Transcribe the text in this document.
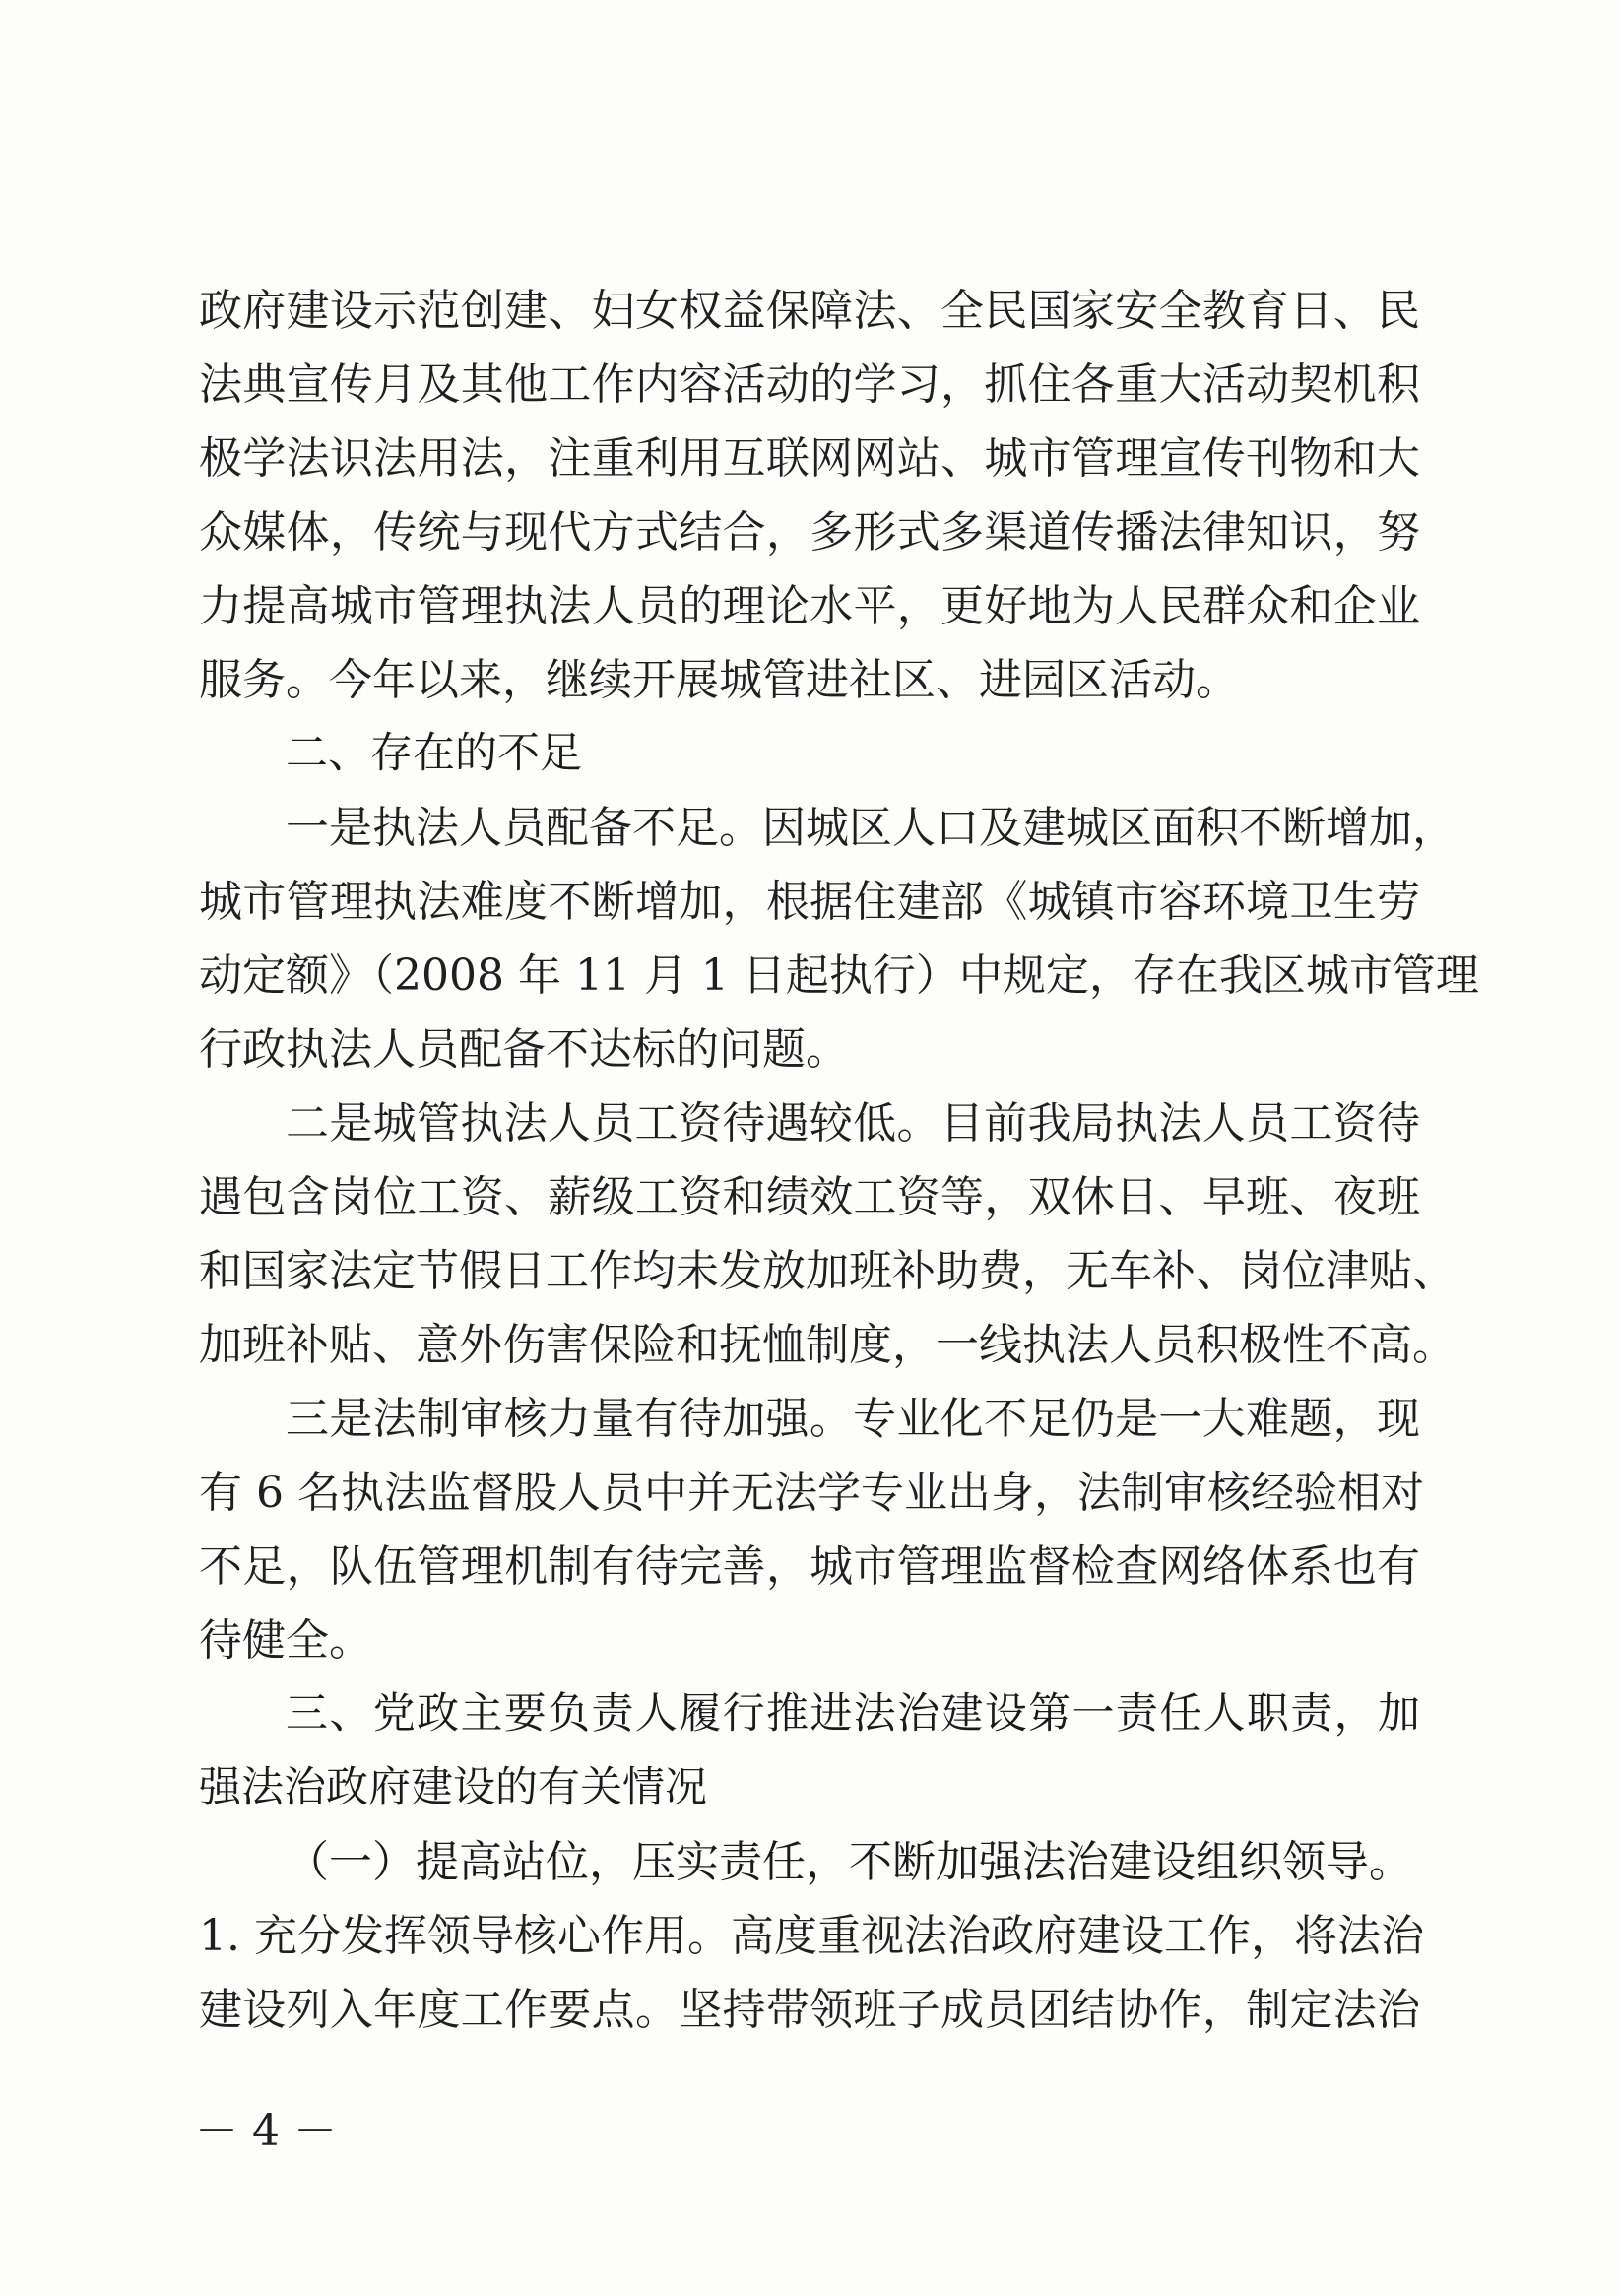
政府建设示范创建、妇女权益保障法、全民国家安全教育日、民

法典宣传月及其他工作内容活动的学习，抓住各重大活动契机积

极学法识法用法，注重利用互联网网站、城市管理宣传刊物和大

众媒体，传统与现代方式结合，多形式多渠道传播法律知识，努

力提高城市管理执法人员的理论水平，更好地为人民群众和企业

服务。今年以来，继续开展城管进社区、进园区活动。

二、存在的不足

一是执法人员配备不足。因城区人口及建城区面积不断增加，

城市管理执法难度不断增加，根据住建部《城镇市容环境卫生劳

动定额》（2008 年 11 月 1 日起执行）中规定，存在我区城市管理

行政执法人员配备不达标的问题。

二是城管执法人员工资待遇较低。目前我局执法人员工资待

遇包含岗位工资、薪级工资和绩效工资等，双休日、早班、夜班

和国家法定节假日工作均未发放加班补助费，无车补、岗位津贴、

加班补贴、意外伤害保险和抚恤制度，一线执法人员积极性不高。

三是法制审核力量有待加强。专业化不足仍是一大难题，现

有 6 名执法监督股人员中并无法学专业出身，法制审核经验相对

不足，队伍管理机制有待完善，城市管理监督检查网络体系也有

待健全。

三、党政主要负责人履行推进法治建设第一责任人职责，加

强法治政府建设的有关情况

（一）提高站位，压实责任，不断加强法治建设组织领导。

1. 充分发挥领导核心作用。高度重视法治政府建设工作，将法治

建设列入年度工作要点。坚持带领班子成员团结协作，制定法治

－ 4 －
